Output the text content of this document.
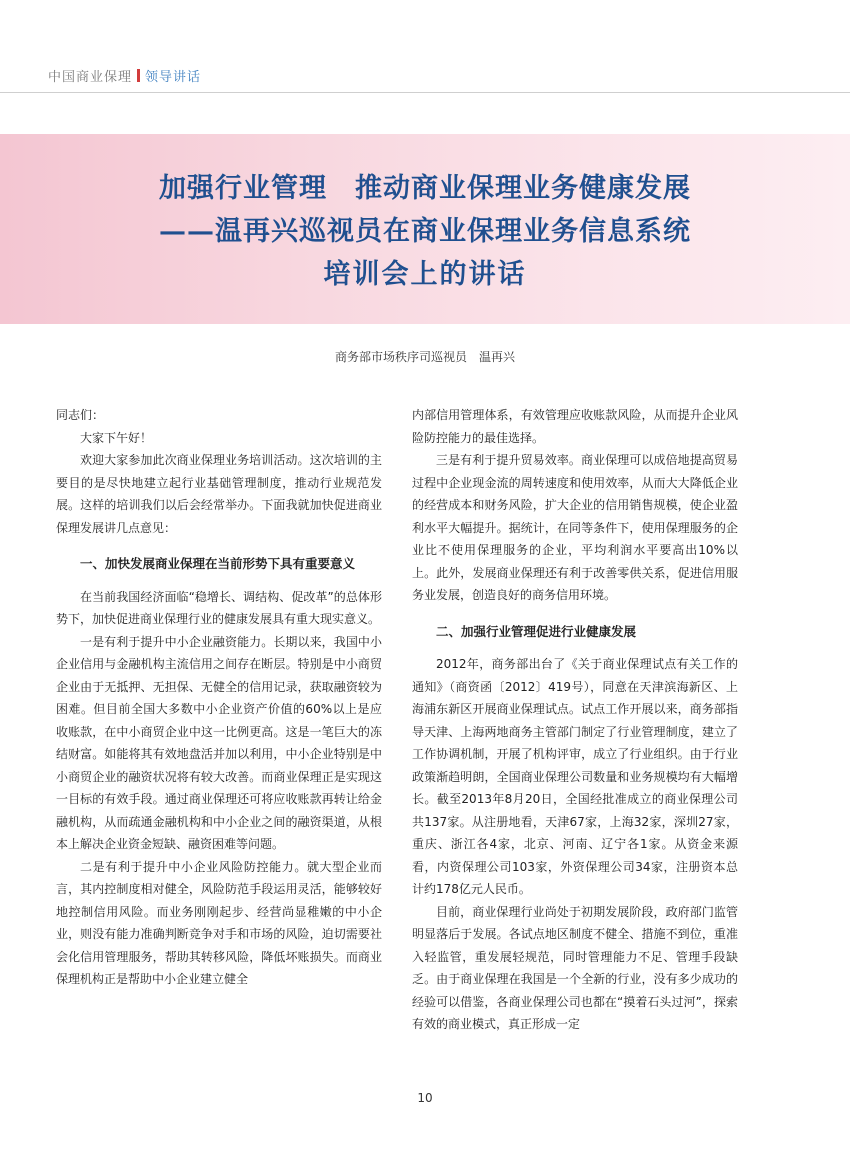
中国商业保理 领导讲话
加强行业管理　推动商业保理业务健康发展
——温再兴巡视员在商业保理业务信息系统
培训会上的讲话
商务部市场秩序司巡视员　温再兴

同志们：

大家下午好！

欢迎大家参加此次商业保理业务培训活动。这次培训的主要目的是尽快地建立起行业基础管理制度，推动行业规范发展。这样的培训我们以后会经常举办。下面我就加快促进商业保理发展讲几点意见：

一、加快发展商业保理在当前形势下具有重要意义

在当前我国经济面临“稳增长、调结构、促改革”的总体形势下，加快促进商业保理行业的健康发展具有重大现实意义。

一是有利于提升中小企业融资能力。长期以来，我国中小企业信用与金融机构主流信用之间存在断层。特别是中小商贸企业由于无抵押、无担保、无健全的信用记录，获取融资较为困难。但目前全国大多数中小企业资产价值的60%以上是应收账款，在中小商贸企业中这一比例更高。这是一笔巨大的冻结财富。如能将其有效地盘活并加以利用，中小企业特别是中小商贸企业的融资状况将有较大改善。而商业保理正是实现这一目标的有效手段。通过商业保理还可将应收账款再转让给金融机构，从而疏通金融机构和中小企业之间的融资渠道，从根本上解决企业资金短缺、融资困难等问题。

二是有利于提升中小企业风险防控能力。就大型企业而言，其内控制度相对健全，风险防范手段运用灵活，能够较好地控制信用风险。而业务刚刚起步、经营尚显稚嫩的中小企业，则没有能力准确判断竞争对手和市场的风险，迫切需要社会化信用管理服务，帮助其转移风险，降低坏账损失。而商业保理机构正是帮助中小企业建立健全

内部信用管理体系，有效管理应收账款风险，从而提升企业风险防控能力的最佳选择。

三是有利于提升贸易效率。商业保理可以成倍地提高贸易过程中企业现金流的周转速度和使用效率，从而大大降低企业的经营成本和财务风险，扩大企业的信用销售规模，使企业盈利水平大幅提升。据统计，在同等条件下，使用保理服务的企业比不使用保理服务的企业，平均利润水平要高出10%以上。此外，发展商业保理还有利于改善零供关系，促进信用服务业发展，创造良好的商务信用环境。

二、加强行业管理促进行业健康发展

2012年，商务部出台了《关于商业保理试点有关工作的通知》（商资函〔2012〕419号），同意在天津滨海新区、上海浦东新区开展商业保理试点。试点工作开展以来，商务部指导天津、上海两地商务主管部门制定了行业管理制度，建立了工作协调机制，开展了机构评审，成立了行业组织。由于行业政策渐趋明朗，全国商业保理公司数量和业务规模均有大幅增长。截至2013年8月20日，全国经批准成立的商业保理公司共137家。从注册地看，天津67家，上海32家，深圳27家，重庆、浙江各4家，北京、河南、辽宁各1家。从资金来源看，内资保理公司103家，外资保理公司34家，注册资本总计约178亿元人民币。

目前，商业保理行业尚处于初期发展阶段，政府部门监管明显落后于发展。各试点地区制度不健全、措施不到位，重准入轻监管，重发展轻规范，同时管理能力不足、管理手段缺乏。由于商业保理在我国是一个全新的行业，没有多少成功的经验可以借鉴，各商业保理公司也都在“摸着石头过河”，探索有效的商业模式，真正形成一定

10
